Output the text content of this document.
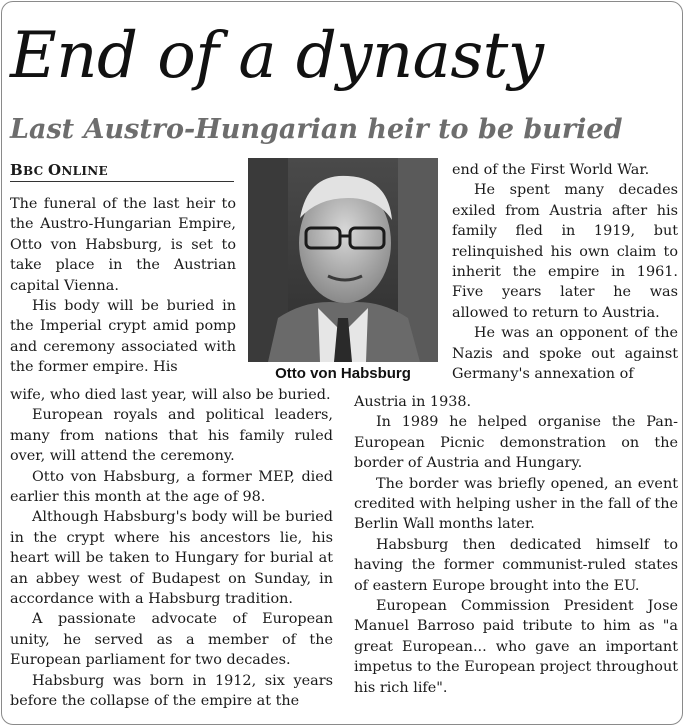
End of a dynasty
Last Austro-Hungarian heir to be buried
BBC ONLINE

The funeral of the last heir to the Austro-Hungarian Empire, Otto von Habsburg, is set to take place in the Austrian capital Vienna.

His body will be buried in the Imperial crypt amid pomp and ceremony associated with the former empire. His

wife, who died last year, will also be buried.

European royals and political leaders, many from nations that his family ruled over, will attend the ceremony.

Otto von Habsburg, a former MEP, died earlier this month at the age of 98.

Although Habsburg's body will be buried in the crypt where his ancestors lie, his heart will be taken to Hungary for burial at an abbey west of Budapest on Sunday, in accordance with a Habsburg tradition.

A passionate advocate of European unity, he served as a member of the European parliament for two decades.

Habsburg was born in 1912, six years before the collapse of the empire at the

Otto von Habsburg

end of the First World War.

He spent many decades exiled from Austria after his family fled in 1919, but relinquished his own claim to inherit the empire in 1961. Five years later he was allowed to return to Austria.

He was an opponent of the Nazis and spoke out against Germany's annexation of

Austria in 1938.

In 1989 he helped organise the Pan-European Picnic demonstration on the border of Austria and Hungary.

The border was briefly opened, an event credited with helping usher in the fall of the Berlin Wall months later.

Habsburg then dedicated himself to having the former communist-ruled states of eastern Europe brought into the EU.

European Commission President Jose Manuel Barroso paid tribute to him as "a great European... who gave an important impetus to the European project throughout his rich life".
